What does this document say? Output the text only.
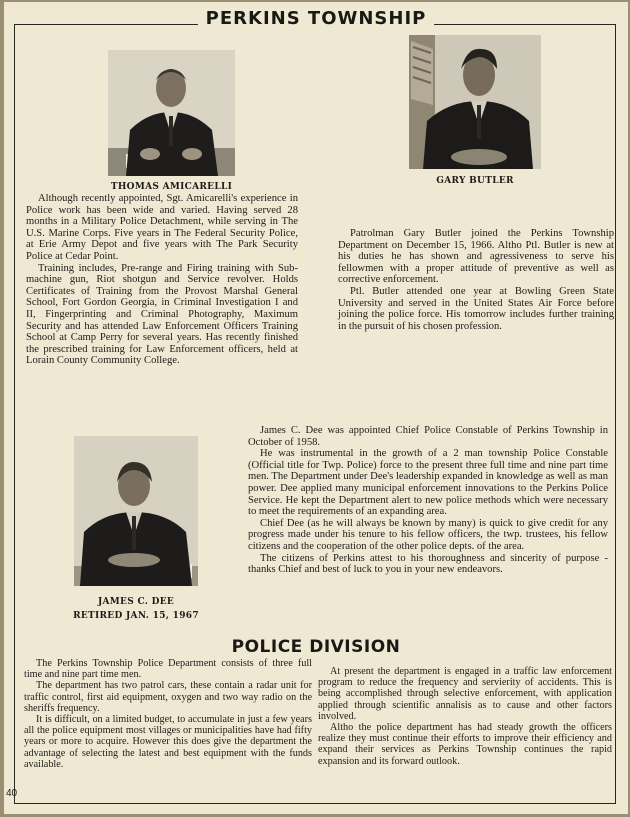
PERKINS TOWNSHIP
THOMAS AMICARELLI
GARY BUTLER

Although recently appointed, Sgt. Amicarelli's experience in Police work has been wide and varied. Having served 28 months in a Military Police Detachment, while serving in The U.S. Marine Corps. Five years in The Federal Security Police, at Erie Army Depot and five years with The Park Security Police at Cedar Point.

Training includes, Pre-range and Firing training with Sub-machine gun, Riot shotgun and Service revolver. Holds Certificates of Training from the Provost Marshal General School, Fort Gordon Georgia, in Criminal Investigation I and II, Fingerprinting and Criminal Photography, Maximum Security and has attended Law Enforcement Officers Training School at Camp Perry for several years. Has recently finished the prescribed training for Law Enforcement officers, held at Lorain County Community College.

Patrolman Gary Butler joined the Perkins Township Department on December 15, 1966. Altho Ptl. Butler is new at his duties he has shown and agressiveness to serve his fellowmen with a proper attitude of preventive as well as corrective enforcement.

Ptl. Butler attended one year at Bowling Green State University and served in the United States Air Force before joining the police force. His tomorrow includes further training in the pursuit of his chosen profession.

JAMES C. DEE
RETIRED JAN. 15, 1967

James C. Dee was appointed Chief Police Constable of Perkins Township in October of 1958.

He was instrumental in the growth of a 2 man township Police Constable (Official title for Twp. Police) force to the present three full time and nine part time men. The Department under Dee's leadership expanded in knowledge as well as man power. Dee applied many municipal enforcement innovations to the Perkins Police Service. He kept the Department alert to new police methods which were necessary to meet the requirements of an expanding area.

Chief Dee (as he will always be known by many) is quick to give credit for any progress made under his tenure to his fellow officers, the twp. trustees, his fellow citizens and the cooperation of the other police depts. of the area.

The citizens of Perkins attest to his thoroughness and sincerity of purpose - thanks Chief and best of luck to you in your new endeavors.

POLICE DIVISION

The Perkins Township Police Department consists of three full time and nine part time men.

The department has two patrol cars, these contain a radar unit for traffic control, first aid equipment, oxygen and two way radio on the sheriffs frequency.

It is difficult, on a limited budget, to accumulate in just a few years all the police equipment most villages or municipalities have had fifty years or more to acquire. However this does give the department the advantage of selecting the latest and best equipment with the funds available.

At present the department is engaged in a traffic law enforcement program to reduce the frequency and servierity of accidents. This is being accomplished through selective enforcement, with application applied through scientific annalisis as to cause and other factors involved.

Altho the police department has had steady growth the officers realize they must continue their efforts to improve their efficiency and expand their services as Perkins Township continues the rapid expansion and its forward outlook.

40
